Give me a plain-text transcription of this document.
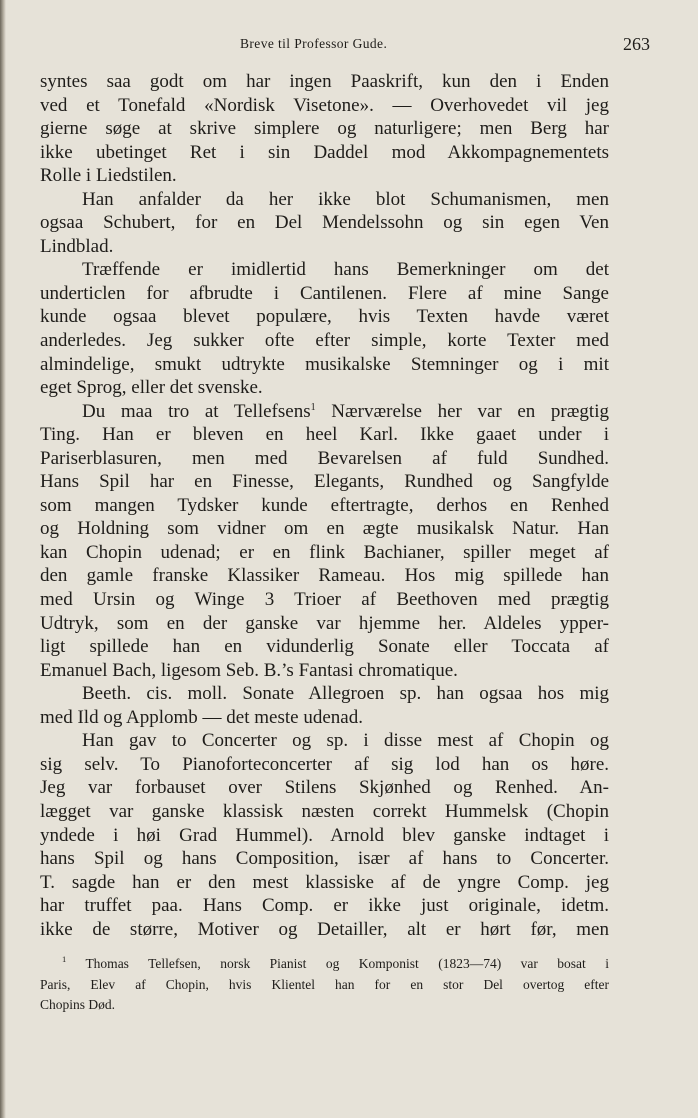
Breve til Professor Gude.	263
syntes saa godt om har ingen Paaskrift, kun den i Enden
ved et Tonefald «Nordisk Visetone». — Overhovedet vil jeg
gierne søge at skrive simplere og naturligere; men Berg har
ikke ubetinget Ret i sin Daddel mod Akkompagnementets
Rolle i Liedstilen.
Han anfalder da her ikke blot Schumanismen, men
ogsaa Schubert, for en Del Mendelssohn og sin egen Ven
Lindblad.
Træffende er imidlertid hans Bemerkninger om det
underticlen for afbrudte i Cantilenen. Flere af mine Sange
kunde ogsaa blevet populære, hvis Texten havde været
anderledes. Jeg sukker ofte efter simple, korte Texter med
almindelige, smukt udtrykte musikalske Stemninger og i mit
eget Sprog, eller det svenske.
Du maa tro at Tellefsens$^1$ Nærværelse her var en prægtig
Ting. Han er bleven en heel Karl. Ikke gaaet under i
Pariserblasuren, men med Bevarelsen af fuld Sundhed.
Hans Spil har en Finesse, Elegants, Rundhed og Sangfylde
som mangen Tydsker kunde eftertragte, derhos en Renhed
og Holdning som vidner om en ægte musikalsk Natur. Han
kan Chopin udenad; er en flink Bachianer, spiller meget af
den gamle franske Klassiker Rameau. Hos mig spillede han
med Ursin og Winge 3 Trioer af Beethoven med prægtig
Udtryk, som en der ganske var hjemme her. Aldeles ypper-
ligt spillede han en vidunderlig Sonate eller Toccata af
Emanuel Bach, ligesom Seb. B.’s Fantasi chromatique.
Beeth. cis. moll. Sonate Allegroen sp. han ogsaa hos mig
med Ild og Applomb — det meste udenad.
Han gav to Concerter og sp. i disse mest af Chopin og
sig selv. To Pianoforteconcerter af sig lod han os høre.
Jeg var forbauset over Stilens Skjønhed og Renhed. An-
lægget var ganske klassisk næsten correkt Hummelsk (Chopin
yndede i høi Grad Hummel). Arnold blev ganske indtaget i
hans Spil og hans Composition, især af hans to Concerter.
T. sagde han er den mest klassiske af de yngre Comp. jeg
har truffet paa. Hans Comp. er ikke just originale, idetm.
ikke de større, Motiver og Detailler, alt er hørt før, men
$^1$ Thomas Tellefsen, norsk Pianist og Komponist (1823—74) var bosat i
Paris, Elev af Chopin, hvis Klientel han for en stor Del overtog efter
Chopins Død.
